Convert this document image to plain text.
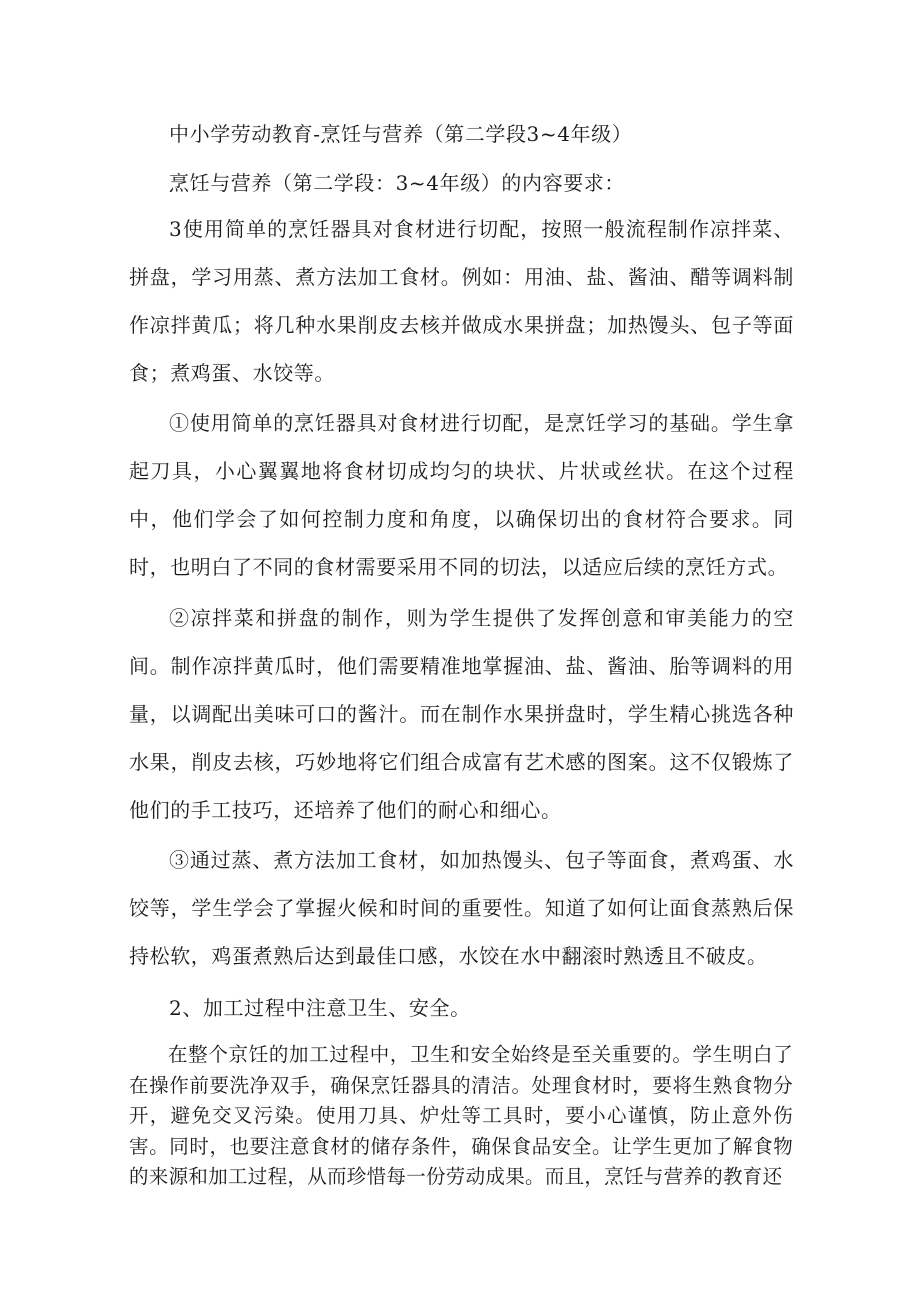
中小学劳动教育-烹饪与营养（第二学段3~4年级）

烹饪与营养（第二学段：3~4年级）的内容要求：

3使用简单的烹饪器具对食材进行切配，按照一般流程制作凉拌菜、拼盘，学习用蒸、煮方法加工食材。例如：用油、盐、酱油、醋等调料制作凉拌黄瓜；将几种水果削皮去核并做成水果拼盘；加热馒头、包子等面食；煮鸡蛋、水饺等。

①使用简单的烹饪器具对食材进行切配，是烹饪学习的基础。学生拿起刀具，小心翼翼地将食材切成均匀的块状、片状或丝状。在这个过程中，他们学会了如何控制力度和角度，以确保切出的食材符合要求。同时，也明白了不同的食材需要采用不同的切法，以适应后续的烹饪方式。

②凉拌菜和拼盘的制作，则为学生提供了发挥创意和审美能力的空间。制作凉拌黄瓜时，他们需要精准地掌握油、盐、酱油、胎等调料的用量，以调配出美味可口的酱汁。而在制作水果拼盘时，学生精心挑选各种水果，削皮去核，巧妙地将它们组合成富有艺术感的图案。这不仅锻炼了他们的手工技巧，还培养了他们的耐心和细心。

③通过蒸、煮方法加工食材，如加热馒头、包子等面食，煮鸡蛋、水饺等，学生学会了掌握火候和时间的重要性。知道了如何让面食蒸熟后保持松软，鸡蛋煮熟后达到最佳口感，水饺在水中翻滚时熟透且不破皮。

2、加工过程中注意卫生、安全。

在整个京饪的加工过程中，卫生和安全始终是至关重要的。学生明白了在操作前要洗净双手，确保烹饪器具的清洁。处理食材时，要将生熟食物分开，避免交叉污染。使用刀具、炉灶等工具时，要小心谨慎，防止意外伤害。同时，也要注意食材的储存条件，确保食品安全。让学生更加了解食物的来源和加工过程，从而珍惜每一份劳动成果。而且，烹饪与营养的教育还
